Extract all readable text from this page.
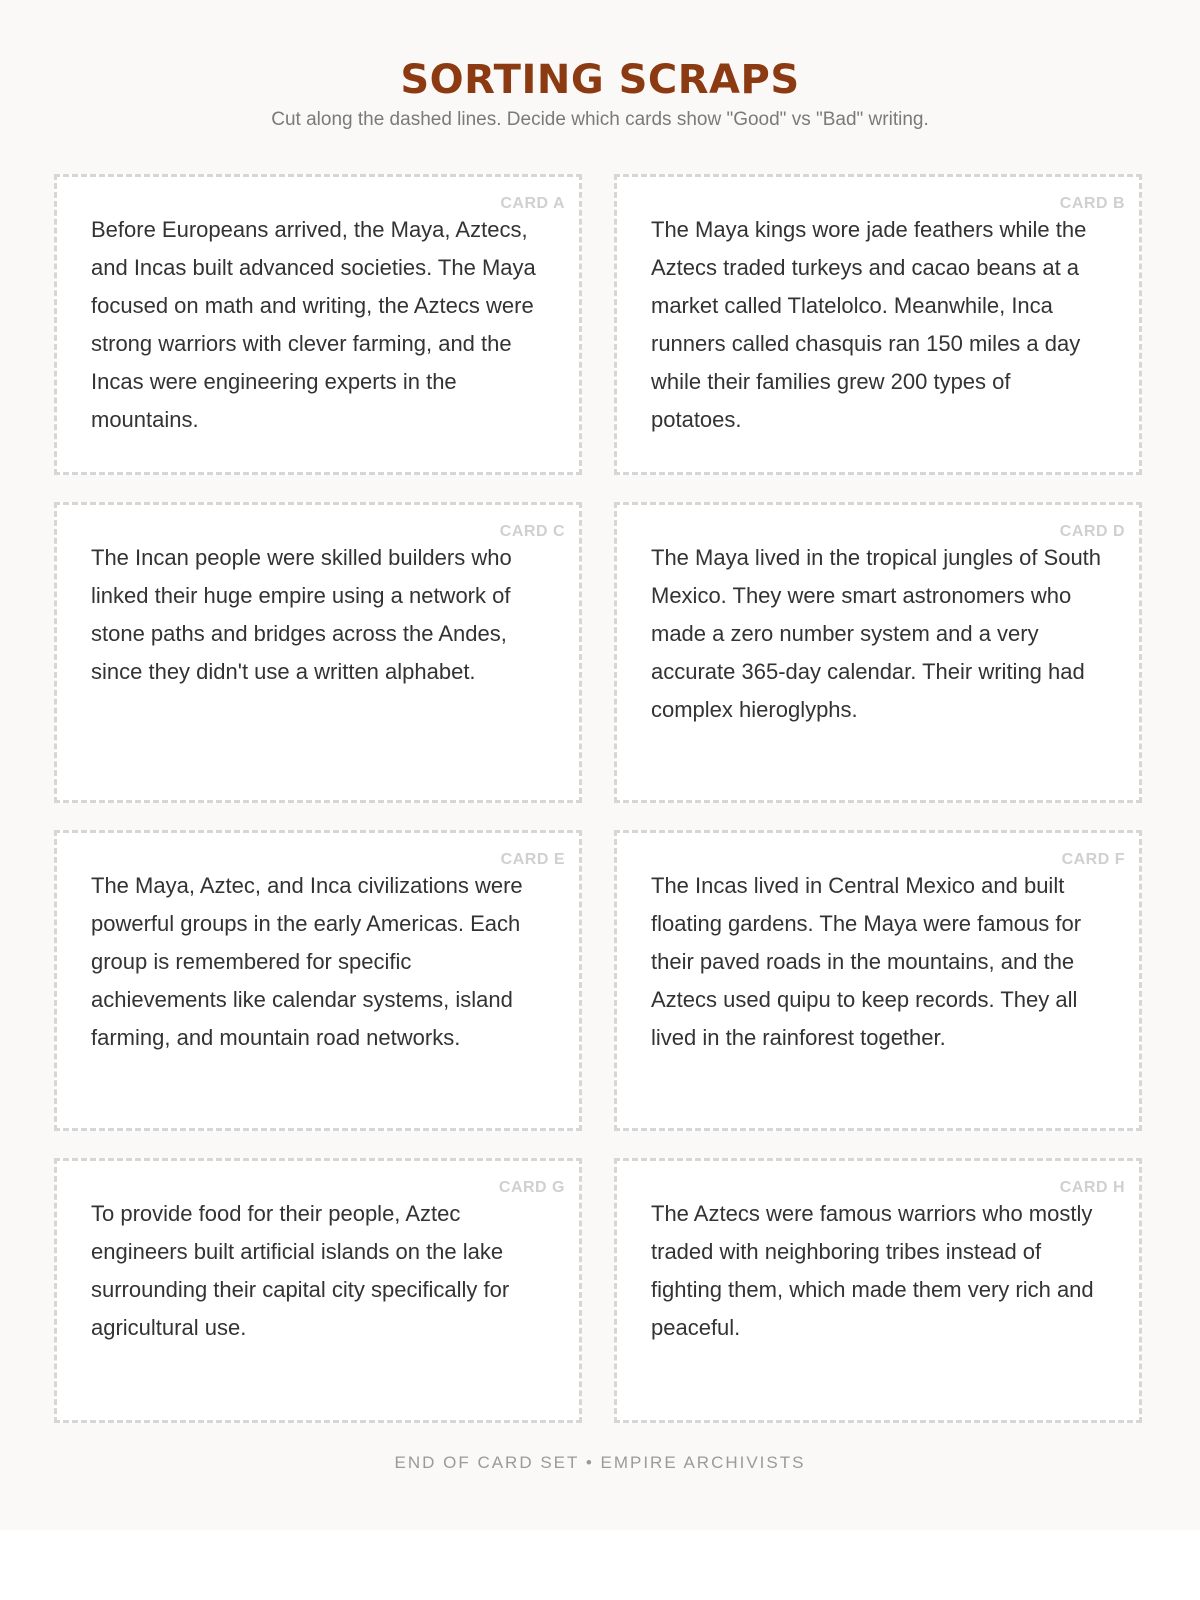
SORTING SCRAPS

Cut along the dashed lines. Decide which cards show "Good" vs "Bad" writing.

CARD A

Before Europeans arrived, the Maya, Aztecs, and Incas built advanced societies. The Maya focused on math and writing, the Aztecs were strong warriors with clever farming, and the Incas were engineering experts in the mountains.

CARD B

The Maya kings wore jade feathers while the Aztecs traded turkeys and cacao beans at a market called Tlatelolco. Meanwhile, Inca runners called chasquis ran 150 miles a day while their families grew 200 types of potatoes.

CARD C

The Incan people were skilled builders who linked their huge empire using a network of stone paths and bridges across the Andes, since they didn't use a written alphabet.

CARD D

The Maya lived in the tropical jungles of South Mexico. They were smart astronomers who made a zero number system and a very accurate 365-day calendar. Their writing had complex hieroglyphs.

CARD E

The Maya, Aztec, and Inca civilizations were powerful groups in the early Americas. Each group is remembered for specific achievements like calendar systems, island farming, and mountain road networks.

CARD F

The Incas lived in Central Mexico and built floating gardens. The Maya were famous for their paved roads in the mountains, and the Aztecs used quipu to keep records. They all lived in the rainforest together.

CARD G

To provide food for their people, Aztec engineers built artificial islands on the lake surrounding their capital city specifically for agricultural use.

CARD H

The Aztecs were famous warriors who mostly traded with neighboring tribes instead of fighting them, which made them very rich and peaceful.

END OF CARD SET • EMPIRE ARCHIVISTS
